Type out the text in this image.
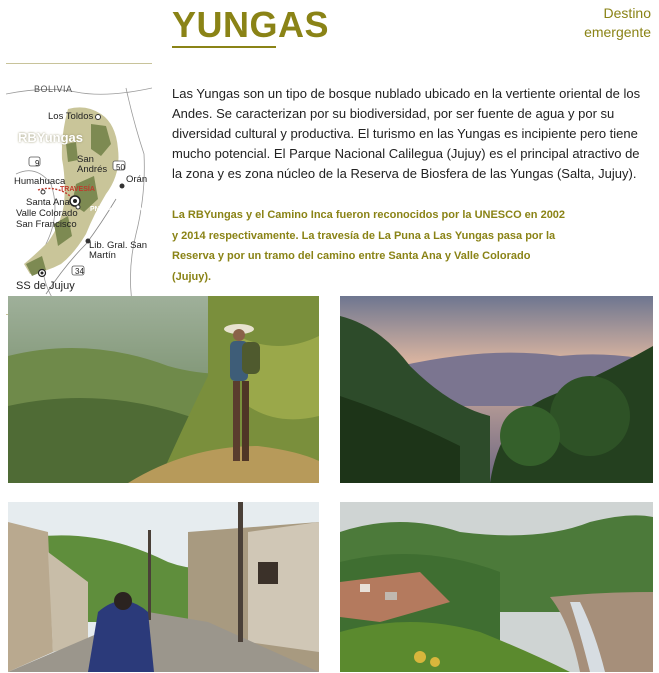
YUNGAS	Destino
emergente
BOLIVIA
Los Toldos
RBYungas
San Andrés
9	50
Orán
Humahuaca
TRAVESÍA
Santa Ana
Valle Colorado PN CALILEGUA
San Francisco
Lib. Gral. San Martín
34
SS de Jujuy
Las Yungas son un tipo de bosque nublado ubicado en la vertiente oriental de los Andes. Se caracterizan por su biodiversidad, por ser fuente de agua y por su diversidad cultural y productiva. El turismo en las Yungas es incipiente pero tiene mucho potencial. El Parque Nacional Calilegua (Jujuy) es el principal atractivo de la zona y es zona núcleo de la Reserva de Biosfera de las Yungas (Salta, Jujuy).
La RBYungas y el Camino Inca fueron reconocidos por la UNESCO en 2002 y 2014 respectivamente. La travesía de La Puna a Las Yungas pasa por la Reserva y por un tramo del camino entre Santa Ana y Valle Colorado (Jujuy).
